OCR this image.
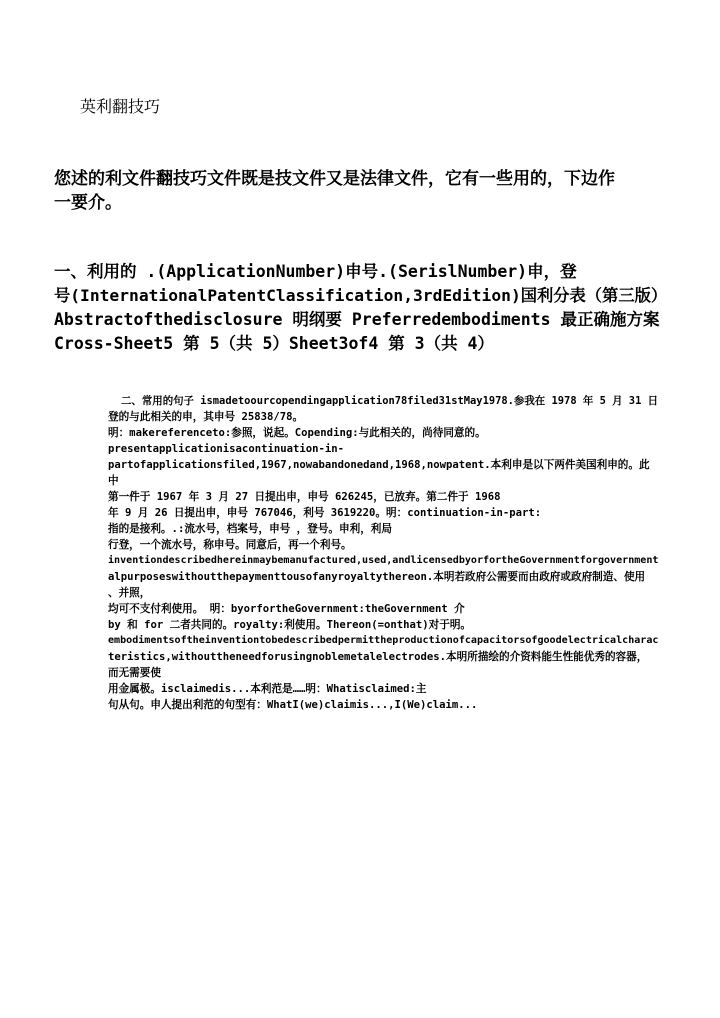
英利翻技巧
您述的利文件翻技巧文件既是技文件又是法律文件，它有一些用的，下边作
一要介。
一、利用的 .(ApplicationNumber)申号.(SerislNumber)申，登
号(InternationalPatentClassification,3rdEdition)国利分表（第三版）
Abstractofthedisclosure 明纲要 Preferredembodiments 最正确施方案
Cross-Sheet5 第 5（共 5）Sheet3of4 第 3（共 4）
二、常用的句子 ismadetoourcopendingapplication78filed31stMay1978.参我在 1978 年 5 月 31 日
登的与此相关的申，其申号 25838/78。
明：makereferenceto:参照，说起。Copending:与此相关的，尚待同意的。
presentapplicationisacontinuation-in-
partofapplicationsfiled,1967,nowabandonedand,1968,nowpatent.本利申是以下两件美国利申的。此
中
第一件于 1967 年 3 月 27 日提出申，申号 626245，已放弃。第二件于 1968
年 9 月 26 日提出申，申号 767046，利号 3619220。明：continuation-in-part:
指的是接利。.:流水号，档案号，申号 ，登号。申利，利局
行登，一个流水号，称申号。同意后，再一个利号。
inventiondescribedhereinmaybemanufactured,used,andlicensedbyorfortheGovernmentforgovernment
alpurposeswithoutthepaymenttousofanyroyaltythereon.本明若政府公需要而由政府或政府制造、使用
、并照，
均可不支付利使用。 明：byorfortheGovernment:theGovernment 介
by 和 for 二者共同的。royalty:利使用。Thereon(=onthat)对于明。
embodimentsoftheinventiontobedescribedpermittheproductionofcapacitorsofgoodelectricalcharac
teristics,withouttheneedforusingnoblemetalelectrodes.本明所描绘的介资料能生性能优秀的容器，
而无需要使
用金属极。isclaimedis...本利范是……明：Whatisclaimed:主
句从句。申人提出利范的句型有：WhatI(we)claimis...,I(We)claim...
